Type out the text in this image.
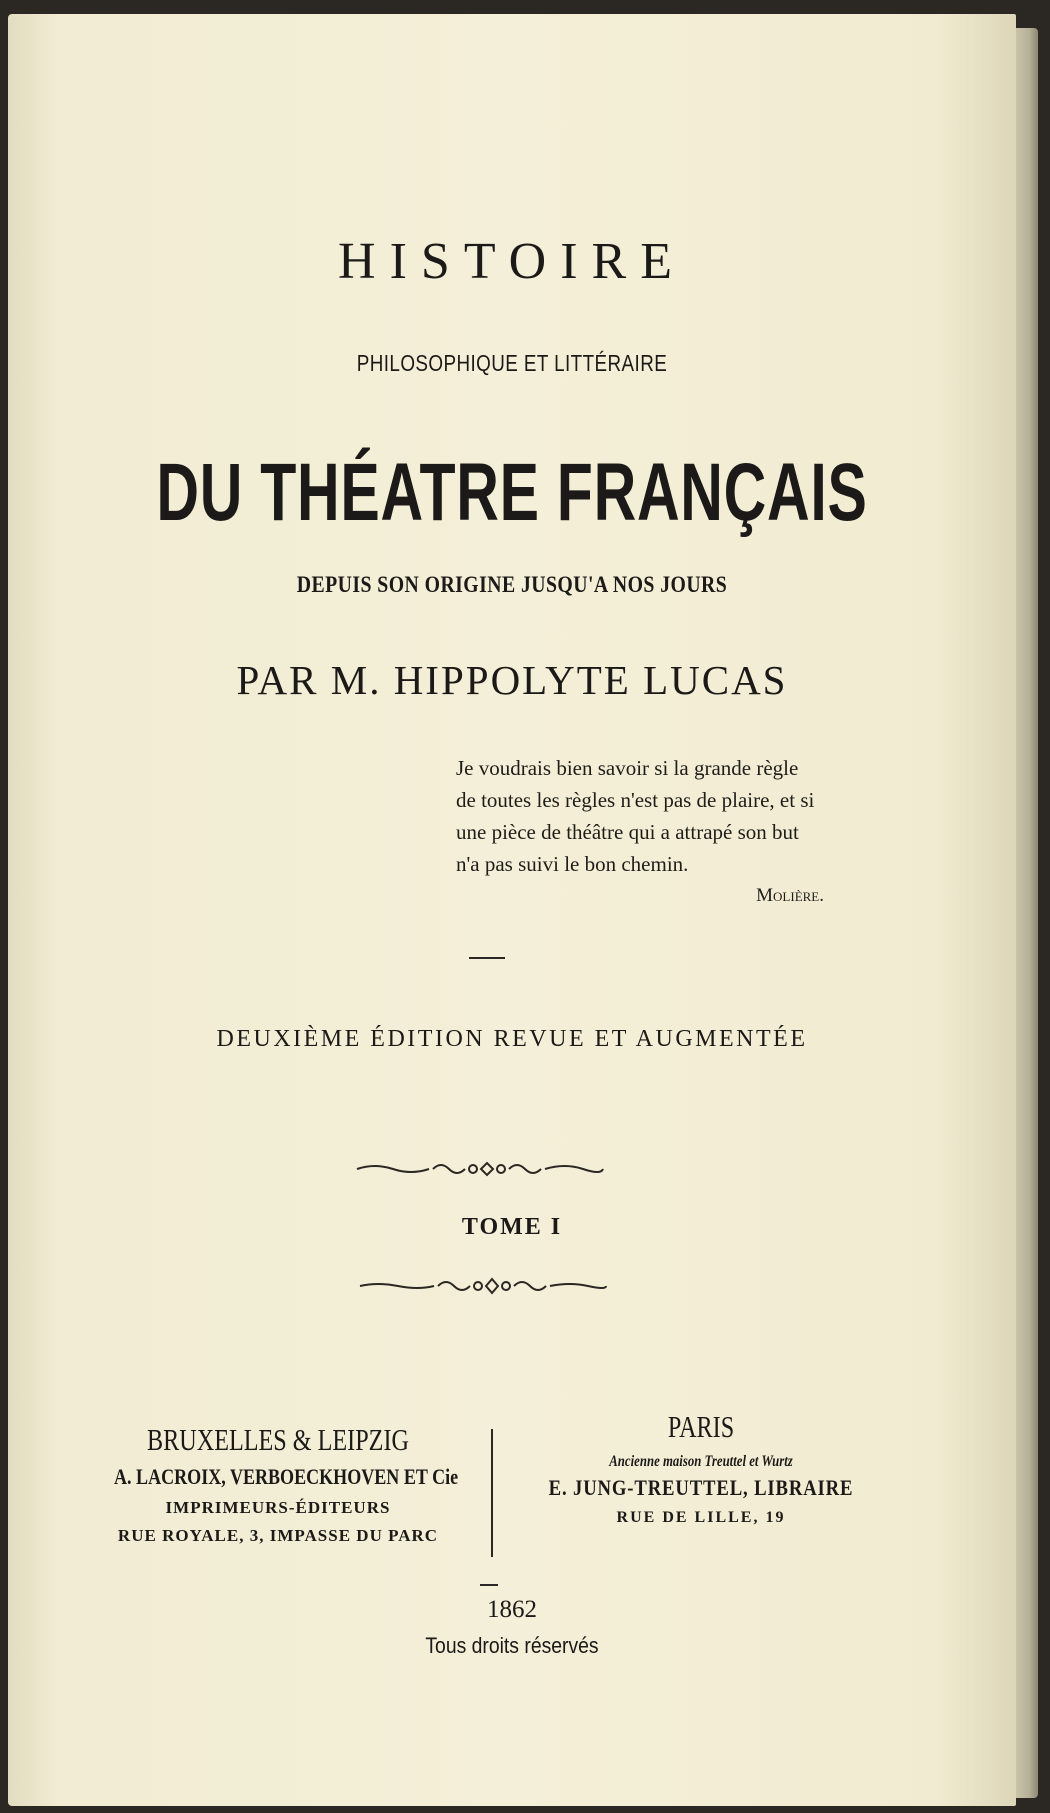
HISTOIRE
PHILOSOPHIQUE ET LITTÉRAIRE
DU THÉATRE FRANÇAIS
DEPUIS SON ORIGINE JUSQU'A NOS JOURS
PAR M. HIPPOLYTE LUCAS
Je voudrais bien savoir si la grande règle
de toutes les règles n'est pas de plaire, et si
une pièce de théâtre qui a attrapé son but
n'a pas suivi le bon chemin.
Molière.
DEUXIÈME ÉDITION REVUE ET AUGMENTÉE
TOME I
BRUXELLES & LEIPZIG
A. LACROIX, VERBOECKHOVEN ET Cie
IMPRIMEURS-ÉDITEURS
RUE ROYALE, 3, IMPASSE DU PARC
PARIS
Ancienne maison Treuttel et Wurtz
E. JUNG-TREUTTEL, LIBRAIRE
RUE DE LILLE, 19
1862
Tous droits réservés
